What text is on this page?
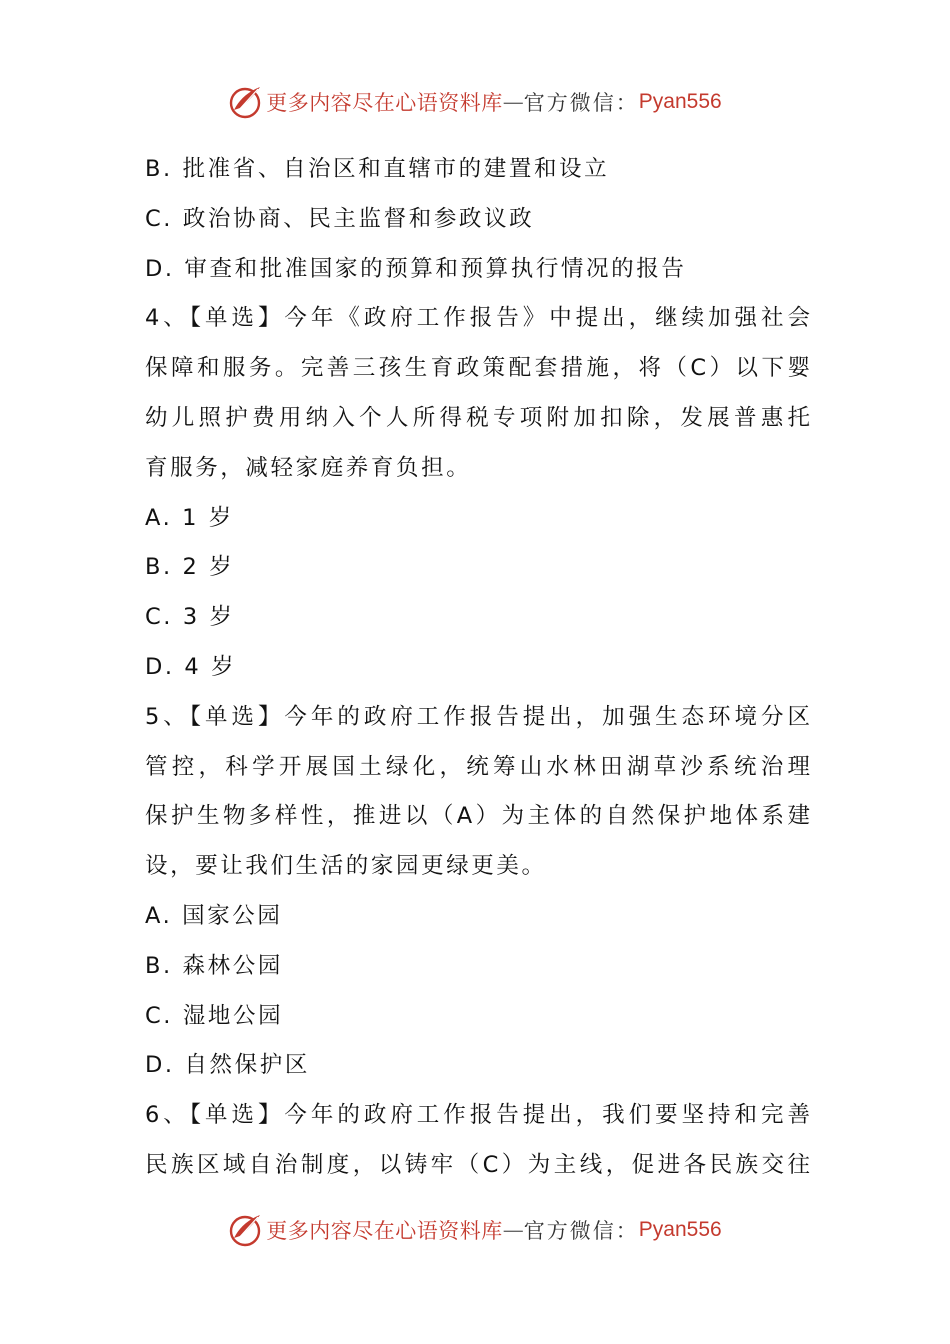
更多内容尽在心语资料库 — 官方微信： Pyan556
B. 批准省、自治区和直辖市的建置和设立
C. 政治协商、民主监督和参政议政
D. 审查和批准国家的预算和预算执行情况的报告
4、【单选】今年《政府工作报告》中提出，继续加强社会
保障和服务。完善三孩生育政策配套措施，将（C）以下婴
幼儿照护费用纳入个人所得税专项附加扣除，发展普惠托
育服务，减轻家庭养育负担。
A. 1 岁
B. 2 岁
C. 3 岁
D. 4 岁
5、【单选】今年的政府工作报告提出，加强生态环境分区
管控，科学开展国土绿化，统筹山水林田湖草沙系统治理
保护生物多样性，推进以（A）为主体的自然保护地体系建
设，要让我们生活的家园更绿更美。
A. 国家公园
B. 森林公园
C. 湿地公园
D. 自然保护区
6、【单选】今年的政府工作报告提出，我们要坚持和完善
民族区域自治制度，以铸牢（C）为主线，促进各民族交往
更多内容尽在心语资料库 — 官方微信： Pyan556
